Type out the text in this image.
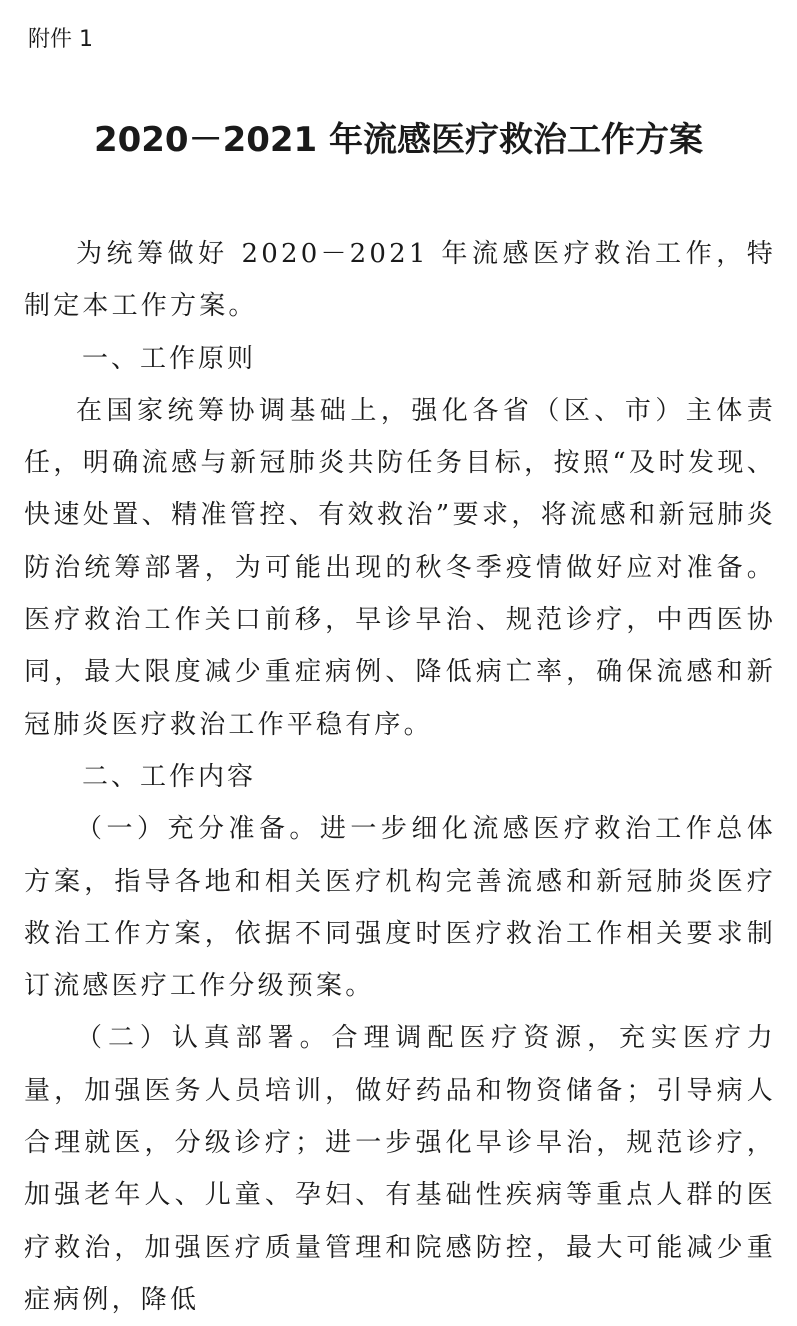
附件 1
2020－2021 年流感医疗救治工作方案

为统筹做好 2020－2021 年流感医疗救治工作，特制定本工作方案。

一、工作原则

在国家统筹协调基础上，强化各省（区、市）主体责任，明确流感与新冠肺炎共防任务目标，按照“及时发现、快速处置、精准管控、有效救治”要求，将流感和新冠肺炎防治统筹部署，为可能出现的秋冬季疫情做好应对准备。医疗救治工作关口前移，早诊早治、规范诊疗，中西医协同，最大限度减少重症病例、降低病亡率，确保流感和新冠肺炎医疗救治工作平稳有序。

二、工作内容

（一）充分准备。进一步细化流感医疗救治工作总体方案，指导各地和相关医疗机构完善流感和新冠肺炎医疗救治工作方案，依据不同强度时医疗救治工作相关要求制订流感医疗工作分级预案。

（二）认真部署。合理调配医疗资源，充实医疗力量，加强医务人员培训，做好药品和物资储备；引导病人合理就医，分级诊疗；进一步强化早诊早治，规范诊疗，加强老年人、儿童、孕妇、有基础性疾病等重点人群的医疗救治，加强医疗质量管理和院感防控，最大可能减少重症病例，降低
